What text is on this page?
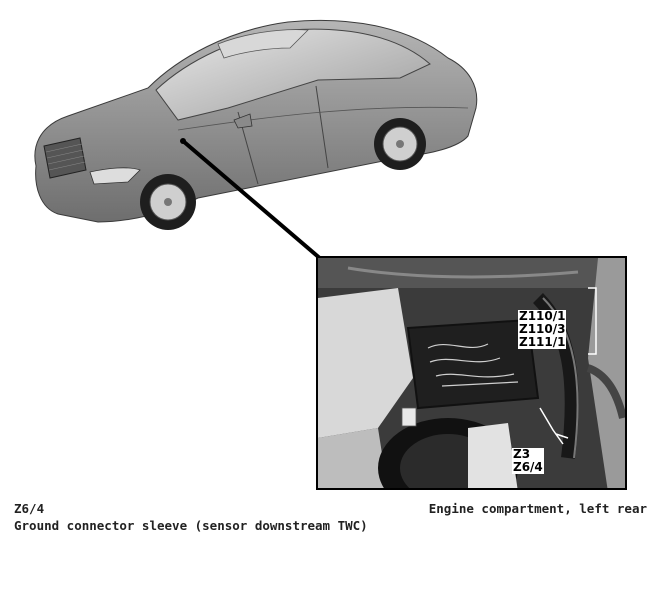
Z110/1
Z110/3
Z111/1
Z3
Z6/4
Z6/4
Ground connector sleeve (sensor downstream TWC)
Engine compartment, left rear
